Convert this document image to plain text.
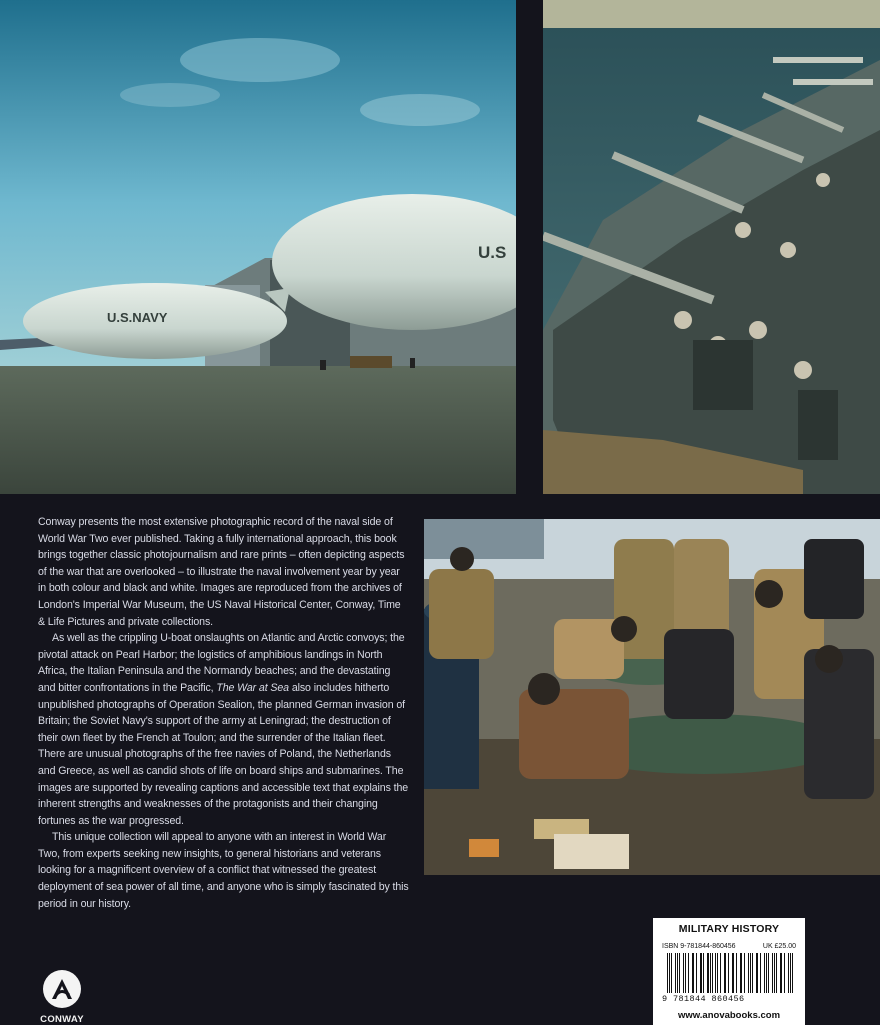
U.S.NAVY
U.S

Conway presents the most extensive photographic record of the naval side of World War Two ever published. Taking a fully international approach, this book brings together classic photojournalism and rare prints – often depicting aspects of the war that are overlooked – to illustrate the naval involvement year by year in both colour and black and white. Images are reproduced from the archives of London's Imperial War Museum, the US Naval Historical Center, Conway, Time & Life Pictures and private collections.

As well as the crippling U-boat onslaughts on Atlantic and Arctic convoys; the pivotal attack on Pearl Harbor; the logistics of amphibious landings in North Africa, the Italian Peninsula and the Normandy beaches; and the devastating and bitter confrontations in the Pacific, The War at Sea also includes hitherto unpublished photographs of Operation Sealion, the planned German invasion of Britain; the Soviet Navy's support of the army at Leningrad; the destruction of their own fleet by the French at Toulon; and the surrender of the Italian fleet. There are unusual photographs of the free navies of Poland, the Netherlands and Greece, as well as candid shots of life on board ships and submarines. The images are supported by revealing captions and accessible text that explains the inherent strengths and weaknesses of the protagonists and their changing fortunes as the war progressed.

This unique collection will appeal to anyone with an interest in World War Two, from experts seeking new insights, to general historians and veterans looking for a magnificent overview of a conflict that witnessed the greatest deployment of sea power of all time, and anyone who is simply fascinated by this period in our history.

CONWAY
MILITARY HISTORY
ISBN 9-781844-860456	UK £25.00
9 781844 860456
www.anovabooks.com
